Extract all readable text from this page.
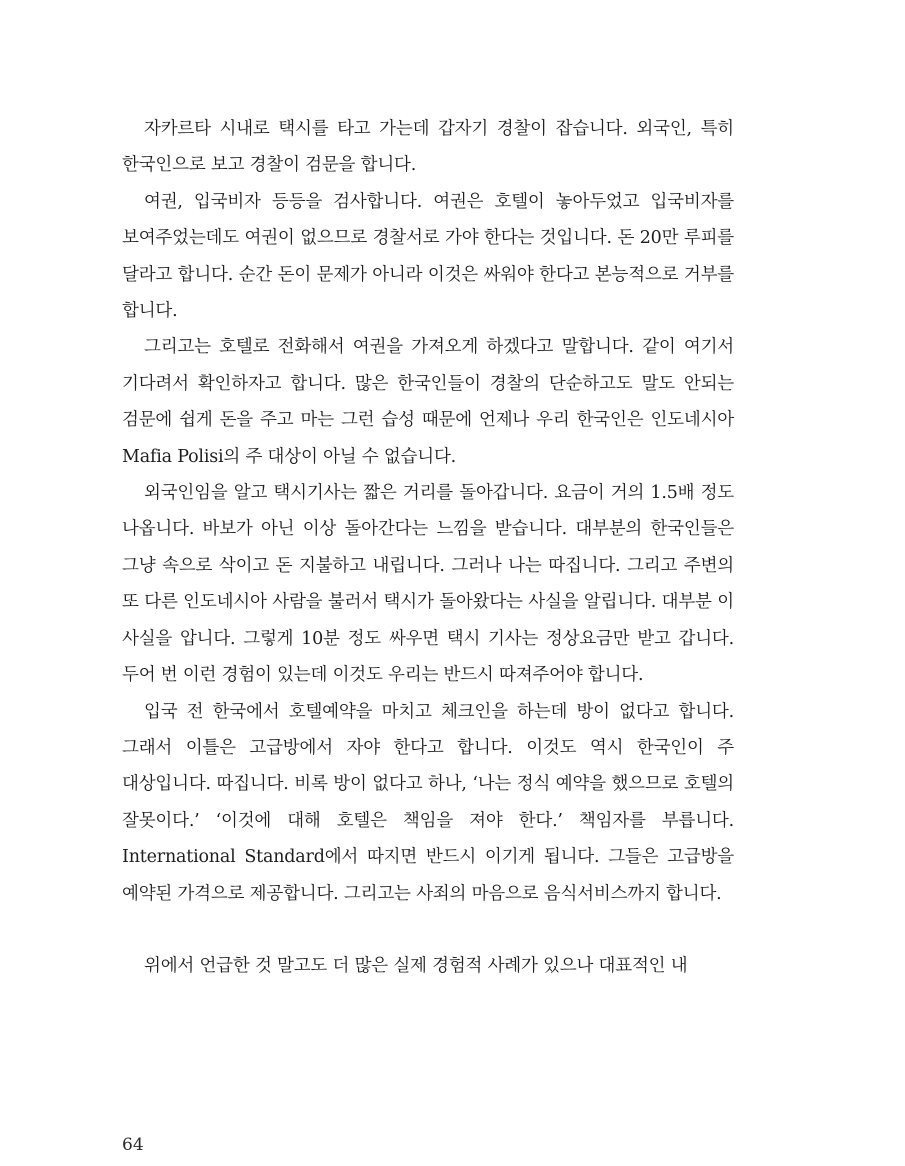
자카르타 시내로 택시를 타고 가는데 갑자기 경찰이 잡습니다. 외국인, 특히 한국인으로 보고 경찰이 검문을 합니다.

여권, 입국비자 등등을 검사합니다. 여권은 호텔이 놓아두었고 입국비자를 보여주었는데도 여권이 없으므로 경찰서로 가야 한다는 것입니다. 돈 20만 루피를 달라고 합니다. 순간 돈이 문제가 아니라 이것은 싸워야 한다고 본능적으로 거부를 합니다.

그리고는 호텔로 전화해서 여권을 가져오게 하겠다고 말합니다. 같이 여기서 기다려서 확인하자고 합니다. 많은 한국인들이 경찰의 단순하고도 말도 안되는 검문에 쉽게 돈을 주고 마는 그런 습성 때문에 언제나 우리 한국인은 인도네시아 Mafia Polisi의 주 대상이 아닐 수 없습니다.

외국인임을 알고 택시기사는 짧은 거리를 돌아갑니다. 요금이 거의 1.5배 정도 나옵니다. 바보가 아닌 이상 돌아간다는 느낌을 받습니다. 대부분의 한국인들은 그냥 속으로 삭이고 돈 지불하고 내립니다. 그러나 나는 따집니다. 그리고 주변의 또 다른 인도네시아 사람을 불러서 택시가 돌아왔다는 사실을 알립니다. 대부분 이 사실을 압니다. 그렇게 10분 정도 싸우면 택시 기사는 정상요금만 받고 갑니다. 두어 번 이런 경험이 있는데 이것도 우리는 반드시 따져주어야 합니다.

입국 전 한국에서 호텔예약을 마치고 체크인을 하는데 방이 없다고 합니다. 그래서 이틀은 고급방에서 자야 한다고 합니다. 이것도 역시 한국인이 주 대상입니다. 따집니다. 비록 방이 없다고 하나, ‘나는 정식 예약을 했으므로 호텔의 잘못이다.’ ‘이것에 대해 호텔은 책임을 져야 한다.’ 책임자를 부릅니다. International Standard에서 따지면 반드시 이기게 됩니다. 그들은 고급방을 예약된 가격으로 제공합니다. 그리고는 사죄의 마음으로 음식서비스까지 합니다.

위에서 언급한 것 말고도 더 많은 실제 경험적 사례가 있으나 대표적인 내

64
